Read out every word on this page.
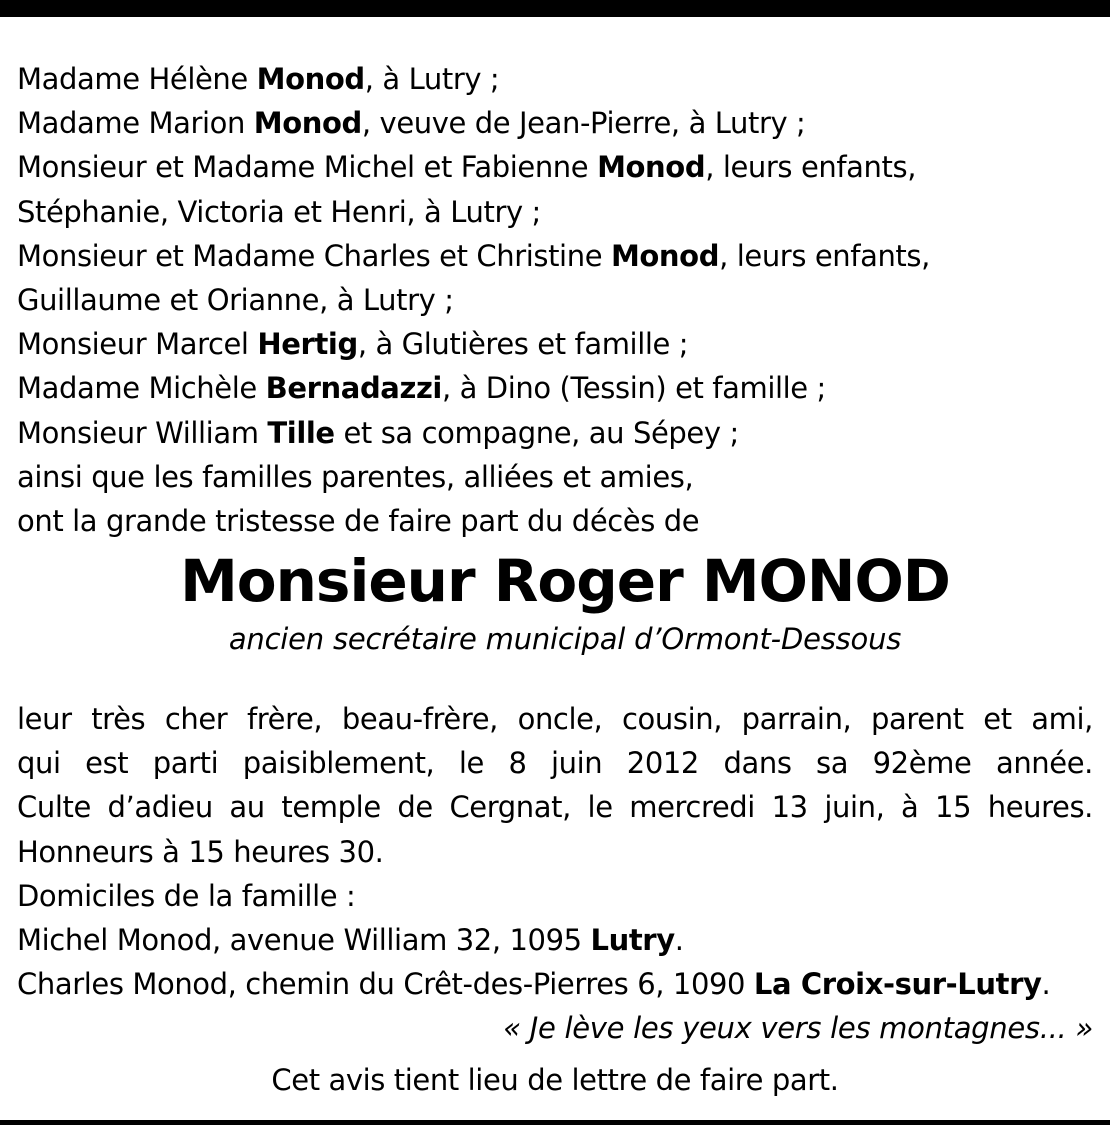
Madame Hélène Monod, à Lutry ;
Madame Marion Monod, veuve de Jean-Pierre, à Lutry ;
Monsieur et Madame Michel et Fabienne Monod, leurs enfants,
Stéphanie, Victoria et Henri, à Lutry ;
Monsieur et Madame Charles et Christine Monod, leurs enfants,
Guillaume et Orianne, à Lutry ;
Monsieur Marcel Hertig, à Glutières et famille ;
Madame Michèle Bernadazzi, à Dino (Tessin) et famille ;
Monsieur William Tille et sa compagne, au Sépey ;
ainsi que les familles parentes, alliées et amies,
ont la grande tristesse de faire part du décès de
Monsieur Roger MONOD
ancien secrétaire municipal d’Ormont-Dessous
leur très cher frère, beau-frère, oncle, cousin, parrain, parent et ami,
qui est parti paisiblement, le 8 juin 2012 dans sa 92ème année.
Culte d’adieu au temple de Cergnat, le mercredi 13 juin, à 15 heures.
Honneurs à 15 heures 30.
Domiciles de la famille :
Michel Monod, avenue William 32, 1095 Lutry.
Charles Monod, chemin du Crêt-des-Pierres 6, 1090 La Croix-sur-Lutry.
« Je lève les yeux vers les montagnes... »
Cet avis tient lieu de lettre de faire part.
